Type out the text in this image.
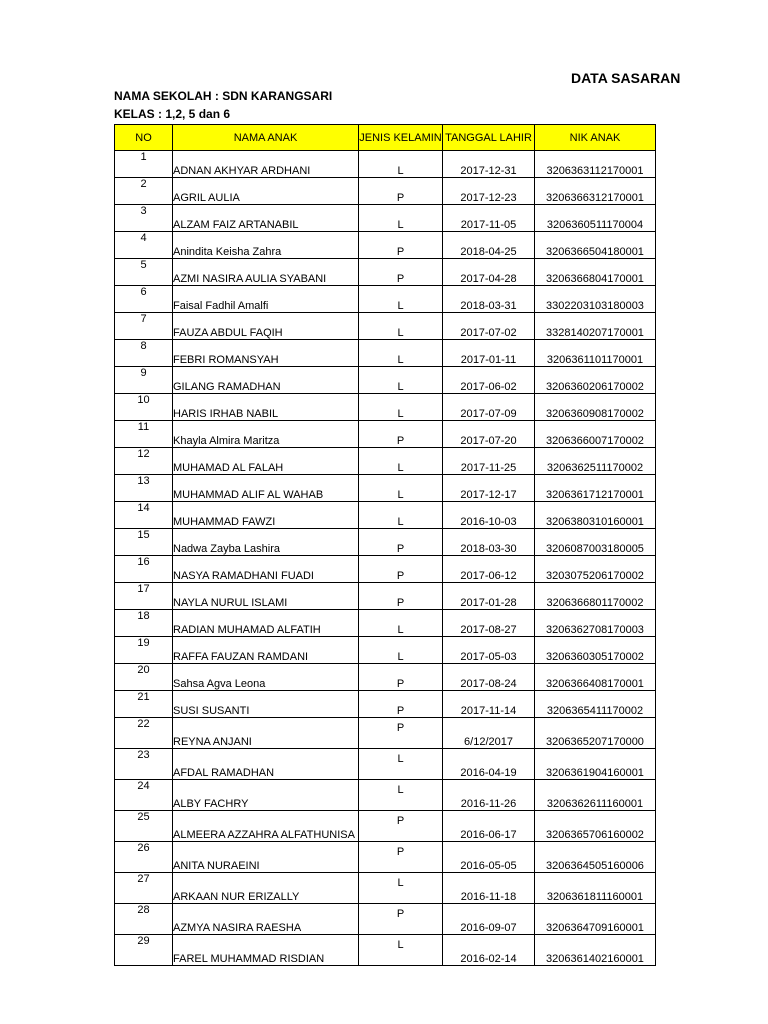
DATA SASARAN
NAMA SEKOLAH : SDN KARANGSARI
KELAS : 1,2, 5 dan 6
NO	NAMA ANAK	JENIS KELAMIN	TANGGAL LAHIR	NIK ANAK
1	ADNAN AKHYAR ARDHANI	L	2017-12-31	3206363112170001
2	AGRIL AULIA	P	2017-12-23	3206366312170001
3	ALZAM FAIZ ARTANABIL	L	2017-11-05	3206360511170004
4	Anindita Keisha Zahra	P	2018-04-25	3206366504180001
5	AZMI NASIRA AULIA SYABANI	P	2017-04-28	3206366804170001
6	Faisal Fadhil Amalfi	L	2018-03-31	3302203103180003
7	FAUZA ABDUL FAQIH	L	2017-07-02	3328140207170001
8	FEBRI ROMANSYAH	L	2017-01-11	3206361101170001
9	GILANG RAMADHAN	L	2017-06-02	3206360206170002
10	HARIS IRHAB NABIL	L	2017-07-09	3206360908170002
11	Khayla Almira Maritza	P	2017-07-20	3206366007170002
12	MUHAMAD AL FALAH	L	2017-11-25	3206362511170002
13	MUHAMMAD ALIF AL WAHAB	L	2017-12-17	3206361712170001
14	MUHAMMAD FAWZI	L	2016-10-03	3206380310160001
15	Nadwa Zayba Lashira	P	2018-03-30	3206087003180005
16	NASYA RAMADHANI FUADI	P	2017-06-12	3203075206170002
17	NAYLA NURUL ISLAMI	P	2017-01-28	3206366801170002
18	RADIAN MUHAMAD ALFATIH	L	2017-08-27	3206362708170003
19	RAFFA FAUZAN RAMDANI	L	2017-05-03	3206360305170002
20	Sahsa Agva Leona	P	2017-08-24	3206366408170001
21	SUSI SUSANTI	P	2017-11-14	3206365411170002
22	REYNA ANJANI	P	6/12/2017	3206365207170000
23	AFDAL RAMADHAN	L	2016-04-19	3206361904160001
24	ALBY FACHRY	L	2016-11-26	3206362611160001
25	ALMEERA AZZAHRA ALFATHUNISA	P	2016-06-17	3206365706160002
26	ANITA NURAEINI	P	2016-05-05	3206364505160006
27	ARKAAN NUR ERIZALLY	L	2016-11-18	3206361811160001
28	AZMYA NASIRA RAESHA	P	2016-09-07	3206364709160001
29	FAREL MUHAMMAD RISDIAN	L	2016-02-14	3206361402160001
